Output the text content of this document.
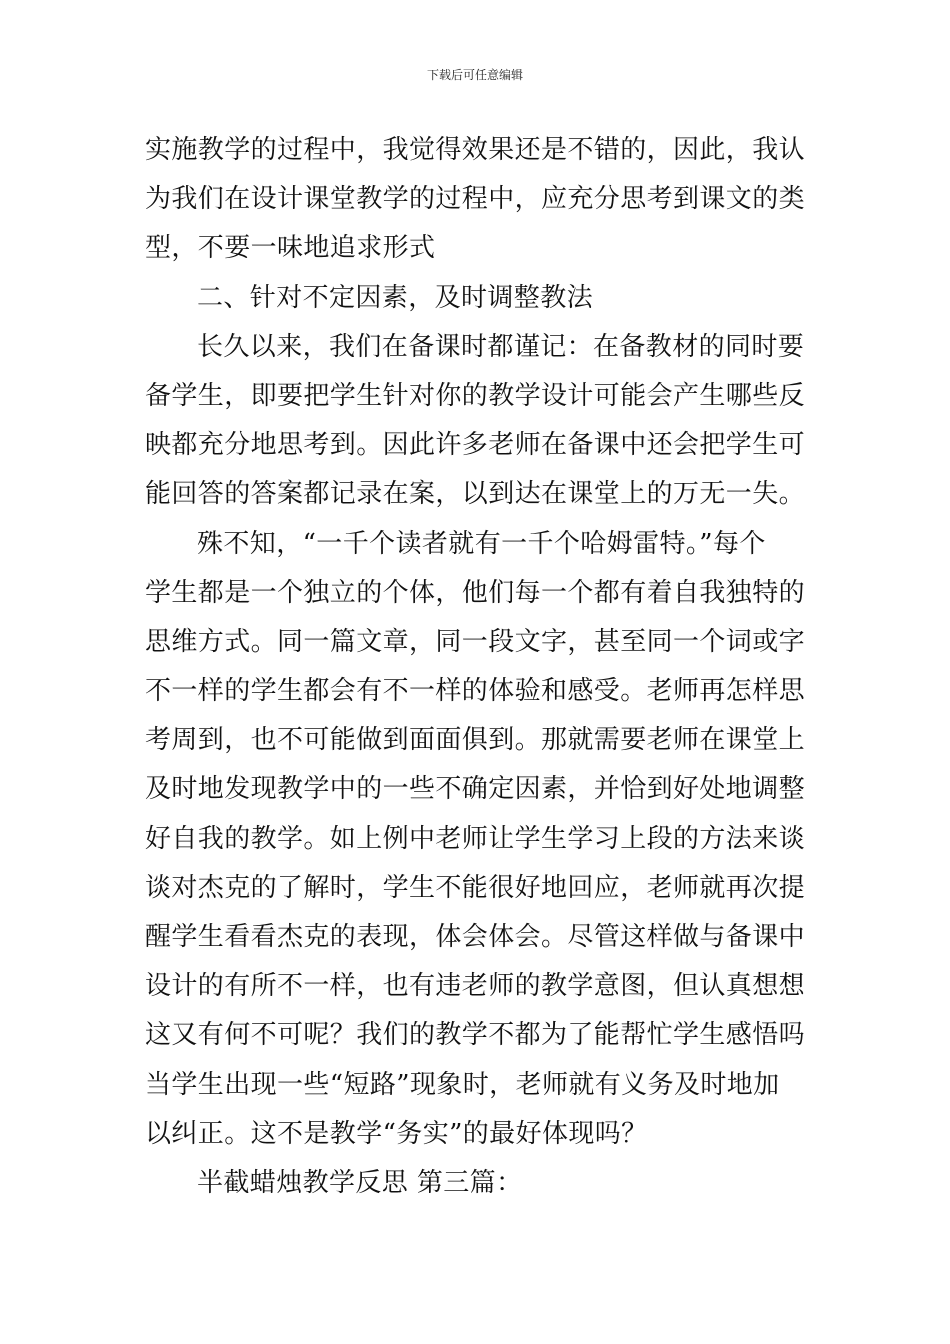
下载后可任意编辑
实施教学的过程中，我觉得效果还是不错的，因此，我认
为我们在设计课堂教学的过程中，应充分思考到课文的类
型，不要一味地追求形式
二、针对不定因素，及时调整教法
长久以来，我们在备课时都谨记：在备教材的同时要
备学生，即要把学生针对你的教学设计可能会产生哪些反
映都充分地思考到。因此许多老师在备课中还会把学生可
能回答的答案都记录在案，以到达在课堂上的万无一失。
殊不知，“一千个读者就有一千个哈姆雷特。”每个
学生都是一个独立的个体，他们每一个都有着自我独特的
思维方式。同一篇文章，同一段文字，甚至同一个词或字
不一样的学生都会有不一样的体验和感受。老师再怎样思
考周到，也不可能做到面面俱到。那就需要老师在课堂上
及时地发现教学中的一些不确定因素，并恰到好处地调整
好自我的教学。如上例中老师让学生学习上段的方法来谈
谈对杰克的了解时，学生不能很好地回应，老师就再次提
醒学生看看杰克的表现，体会体会。尽管这样做与备课中
设计的有所不一样，也有违老师的教学意图，但认真想想
这又有何不可呢？我们的教学不都为了能帮忙学生感悟吗
当学生出现一些“短路”现象时，老师就有义务及时地加
以纠正。这不是教学“务实”的最好体现吗？
半截蜡烛教学反思 第三篇：
